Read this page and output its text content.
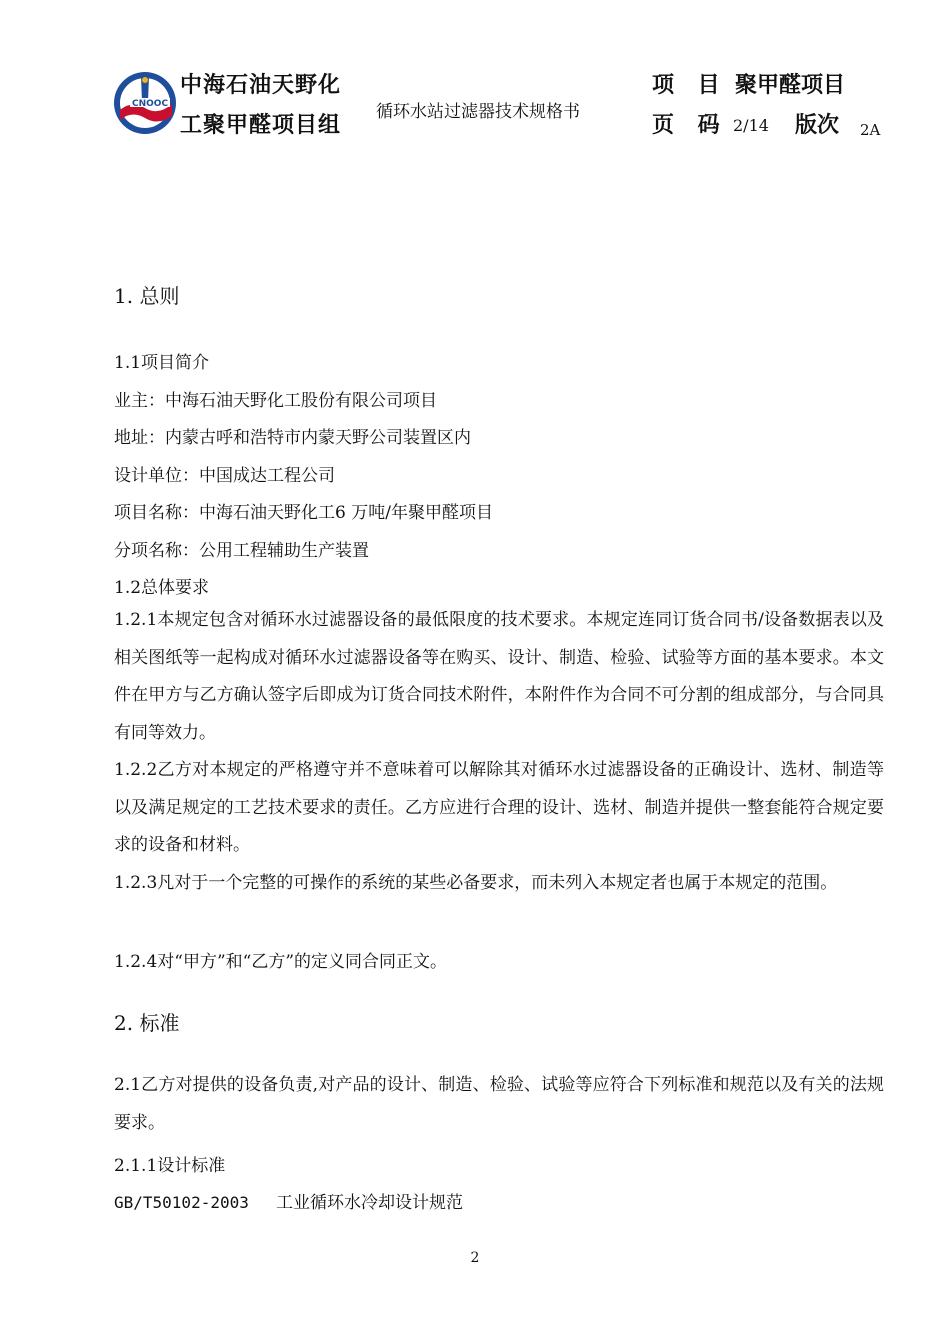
CNOOC
中海石油天野化
工聚甲醛项目组
循环水站过滤器技术规格书
项 目 聚甲醛项目
页 码 2/14 版次 2A
1. 总则
1.1项目简介
业主：中海石油天野化工股份有限公司项目
地址：内蒙古呼和浩特市内蒙天野公司装置区内
设计单位：中国成达工程公司
项目名称：中海石油天野化工6 万吨/年聚甲醛项目
分项名称：公用工程辅助生产装置
1.2总体要求
1.2.1本规定包含对循环水过滤器设备的最低限度的技术要求。本规定连同订货合同书/设备数据表以及相关图纸等一起构成对循环水过滤器设备等在购买、设计、制造、检验、试验等方面的基本要求。本文件在甲方与乙方确认签字后即成为订货合同技术附件，本附件作为合同不可分割的组成部分，与合同具有同等效力。
1.2.2乙方对本规定的严格遵守并不意味着可以解除其对循环水过滤器设备的正确设计、选材、制造等以及满足规定的工艺技术要求的责任。乙方应进行合理的设计、选材、制造并提供一整套能符合规定要求的设备和材料。
1.2.3凡对于一个完整的可操作的系统的某些必备要求，而未列入本规定者也属于本规定的范围。
1.2.4对“甲方”和“乙方”的定义同合同正文。
2. 标准
2.1乙方对提供的设备负责,对产品的设计、制造、检验、试验等应符合下列标准和规范以及有关的法规要求。
2.1.1设计标准
GB/T50102-2003 工业循环水冷却设计规范
2
